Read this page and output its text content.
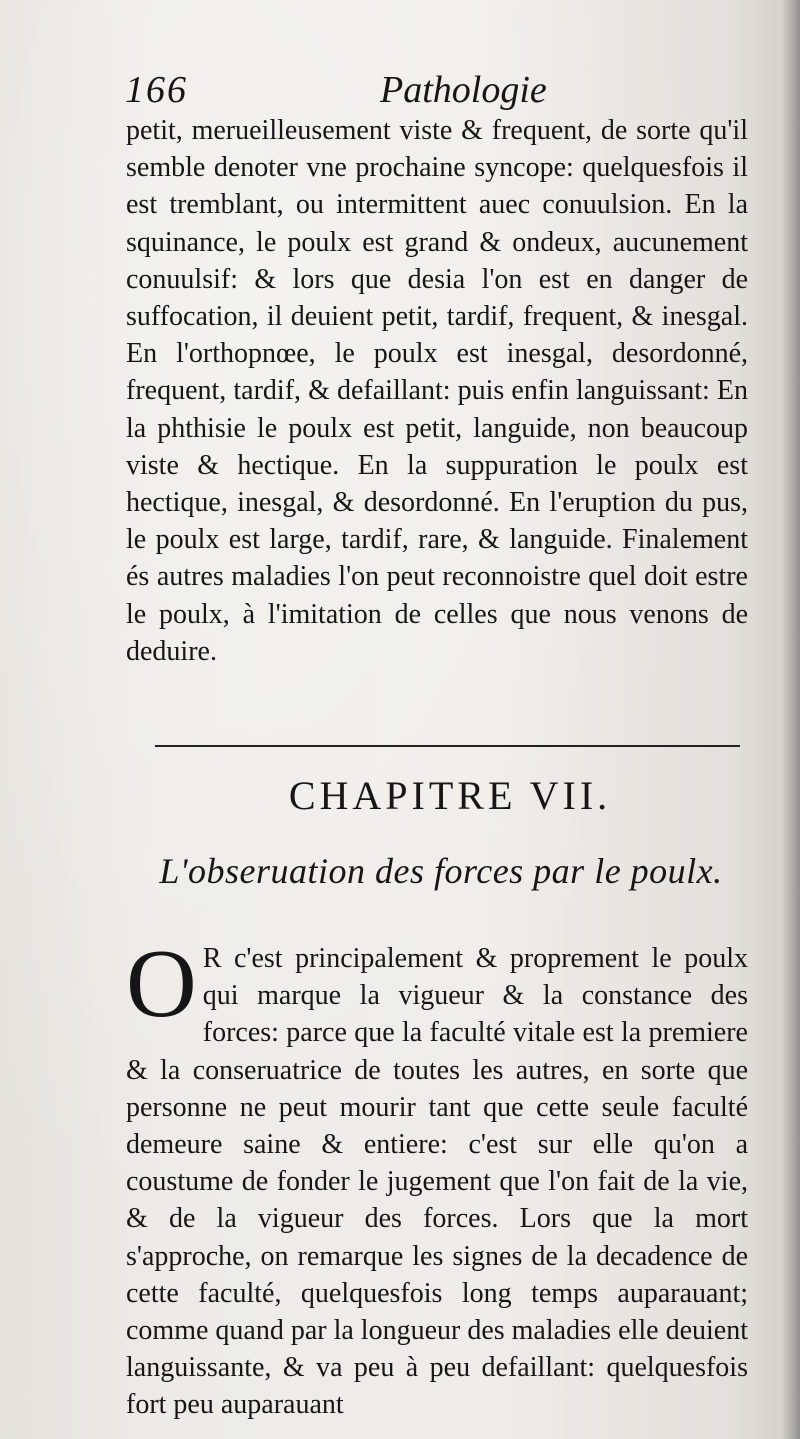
166	Pathologie
petit, merueilleusement viste & frequent, de sorte qu'il semble denoter vne prochaine syncope: quelquesfois il est tremblant, ou intermittent auec conuulsion. En la squinance, le poulx est grand & ondeux, aucunement conuulsif: & lors que desia l'on est en danger de suffocation, il deuient petit, tardif, frequent, & inesgal. En l'orthopnœe, le poulx est inesgal, desordonné, frequent, tardif, & defaillant: puis enfin languissant: En la phthisie le poulx est petit, languide, non beaucoup viste & hectique. En la suppuration le poulx est hectique, inesgal, & desordonné. En l'eruption du pus, le poulx est large, tardif, rare, & languide. Finalement és autres maladies l'on peut reconnoistre quel doit estre le poulx, à l'imitation de celles que nous venons de deduire.
CHAPITRE VII.
L'obseruation des forces par le poulx.
O R c'est principalement & proprement le poulx qui marque la vigueur & la constance des forces: parce que la faculté vitale est la premiere & la conseruatrice de toutes les autres, en sorte que personne ne peut mourir tant que cette seule faculté demeure saine & entiere: c'est sur elle qu'on a coustume de fonder le jugement que l'on fait de la vie, & de la vigueur des forces. Lors que la mort s'approche, on remarque les signes de la decadence de cette faculté, quelquesfois long temps auparauant; comme quand par la longueur des maladies elle deuient languissante, & va peu à peu defaillant: quelquesfois fort peu auparauant
